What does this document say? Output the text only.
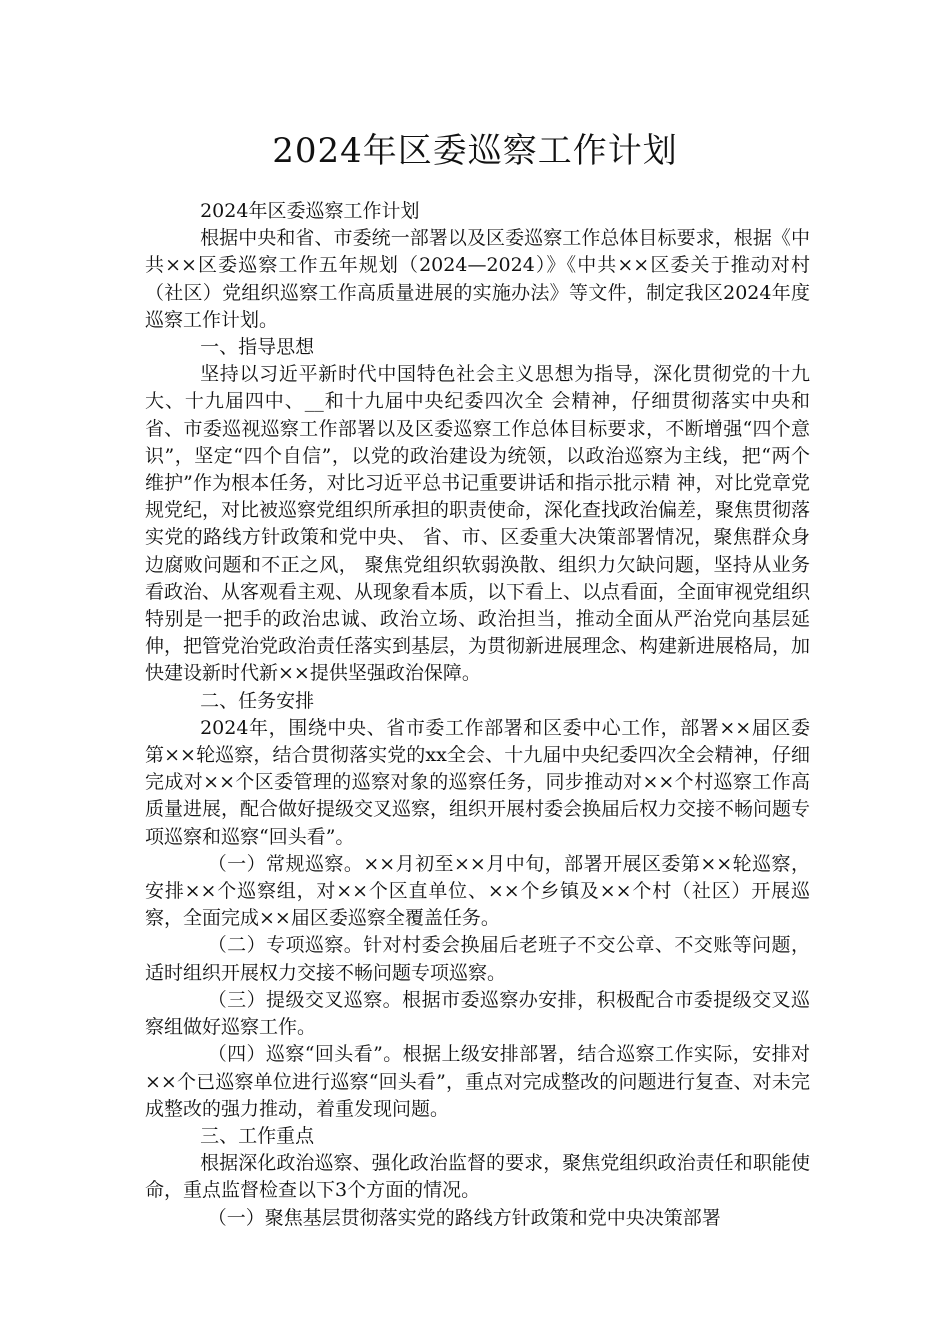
2024年区委巡察工作计划

2024年区委巡察工作计划

根据中央和省、市委统一部署以及区委巡察工作总体目标要求，根据《中共××区委巡察工作五年规划（2024—2024）》《中共××区委关于推动对村（社区）党组织巡察工作高质量进展的实施办法》等文件，制定我区2024年度巡察工作计划。

一、指导思想

坚持以习近平新时代中国特色社会主义思想为指导，深化贯彻党的十九大、十九届四中、__和十九届中央纪委四次全 会精神，仔细贯彻落实中央和省、市委巡视巡察工作部署以及区委巡察工作总体目标要求，不断增强“四个意识”，坚定“四个自信”，以党的政治建设为统领，以政治巡察为主线，把“两个 维护”作为根本任务，对比习近平总书记重要讲话和指示批示精 神，对比党章党规党纪，对比被巡察党组织所承担的职责使命，深化查找政治偏差，聚焦贯彻落实党的路线方针政策和党中央、 省、市、区委重大决策部署情况，聚焦群众身边腐败问题和不正之风， 聚焦党组织软弱涣散、组织力欠缺问题，坚持从业务看政治、从客观看主观、从现象看本质，以下看上、以点看面，全面审视党组织特别是一把手的政治忠诚、政治立场、政治担当，推动全面从严治党向基层延伸，把管党治党政治责任落实到基层，为贯彻新进展理念、构建新进展格局，加快建设新时代新××提供坚强政治保障。

二、任务安排

2024年，围绕中央、省市委工作部署和区委中心工作，部署××届区委第××轮巡察，结合贯彻落实党的xx全会、十九届中央纪委四次全会精神，仔细完成对××个区委管理的巡察对象的巡察任务，同步推动对××个村巡察工作高质量进展，配合做好提级交叉巡察，组织开展村委会换届后权力交接不畅问题专项巡察和巡察“回头看”。

（一）常规巡察。××月初至××月中旬，部署开展区委第××轮巡察，安排××个巡察组，对××个区直单位、××个乡镇及××个村（社区）开展巡察，全面完成××届区委巡察全覆盖任务。

（二）专项巡察。针对村委会换届后老班子不交公章、不交账等问题，适时组织开展权力交接不畅问题专项巡察。

（三）提级交叉巡察。根据市委巡察办安排，积极配合市委提级交叉巡察组做好巡察工作。

（四）巡察“回头看”。根据上级安排部署，结合巡察工作实际，安排对××个已巡察单位进行巡察“回头看”，重点对完成整改的问题进行复查、对未完成整改的强力推动，着重发现问题。

三、工作重点

根据深化政治巡察、强化政治监督的要求，聚焦党组织政治责任和职能使命，重点监督检查以下3个方面的情况。

（一）聚焦基层贯彻落实党的路线方针政策和党中央决策部署
